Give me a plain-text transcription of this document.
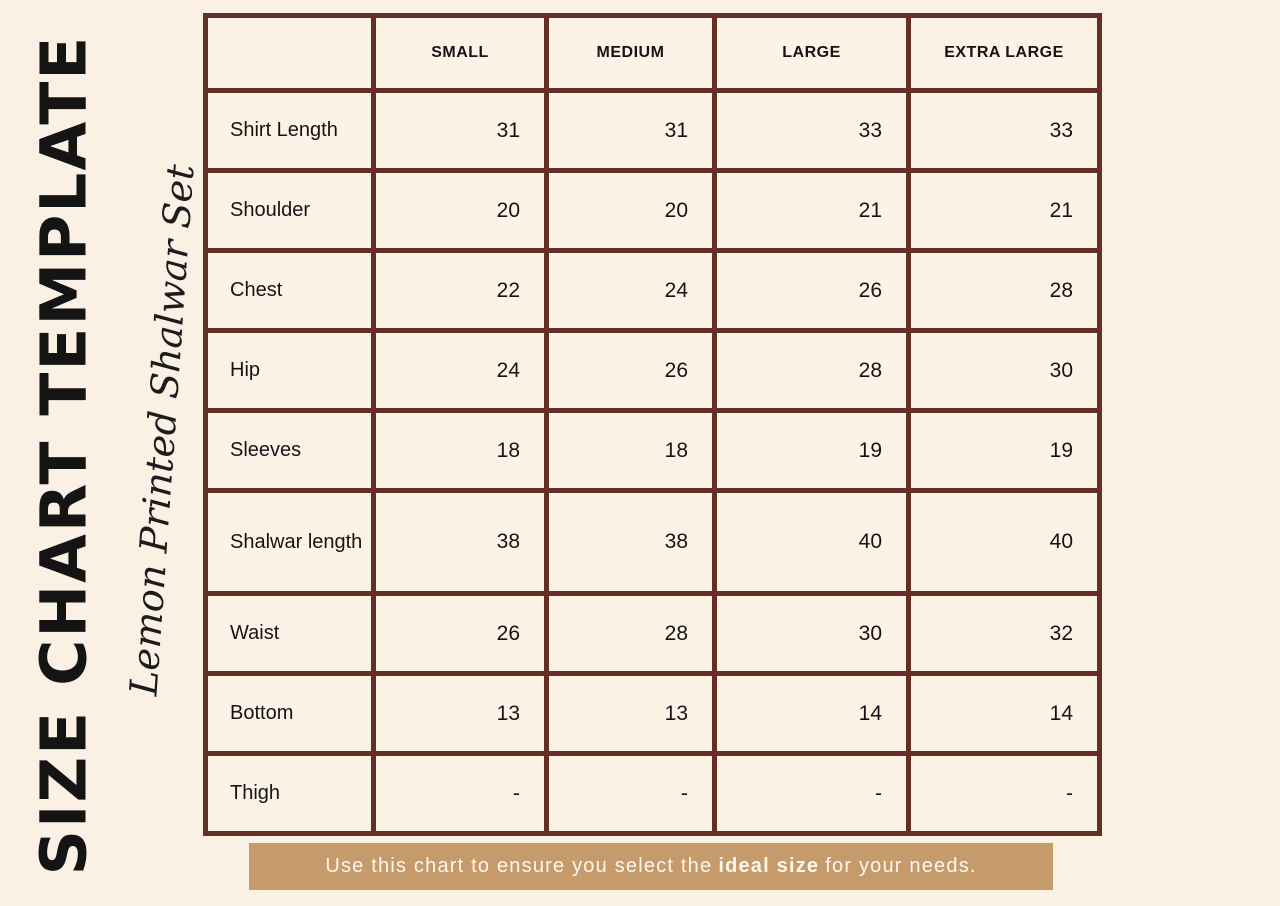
SIZE CHART TEMPLATE Lemon Printed Shalwar Set
	SMALL	MEDIUM	LARGE	EXTRA LARGE
Shirt Length	31	31	33	33
Shoulder	20	20	21	21
Chest	22	24	26	28
Hip	24	26	28	30
Sleeves	18	18	19	19
Shalwar length	38	38	40	40
Waist	26	28	30	32
Bottom	13	13	14	14
Thigh	-	-	-	-
Use this chart to ensure you select the ideal size for your needs.
